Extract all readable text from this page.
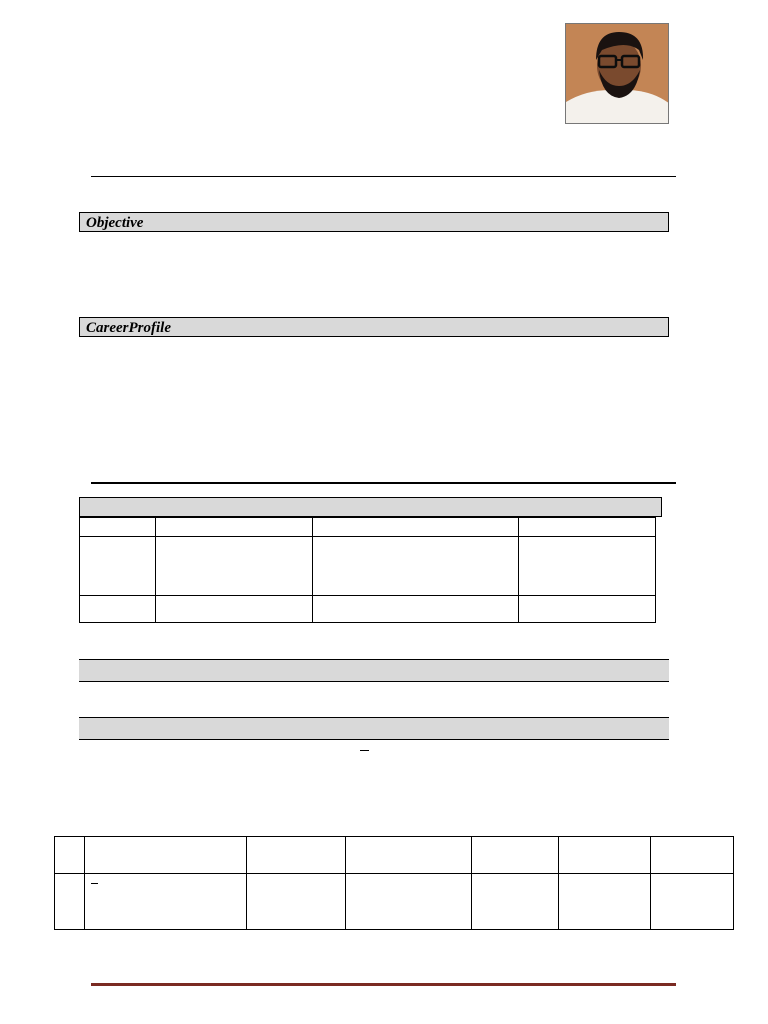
Objective
CareerProfile
